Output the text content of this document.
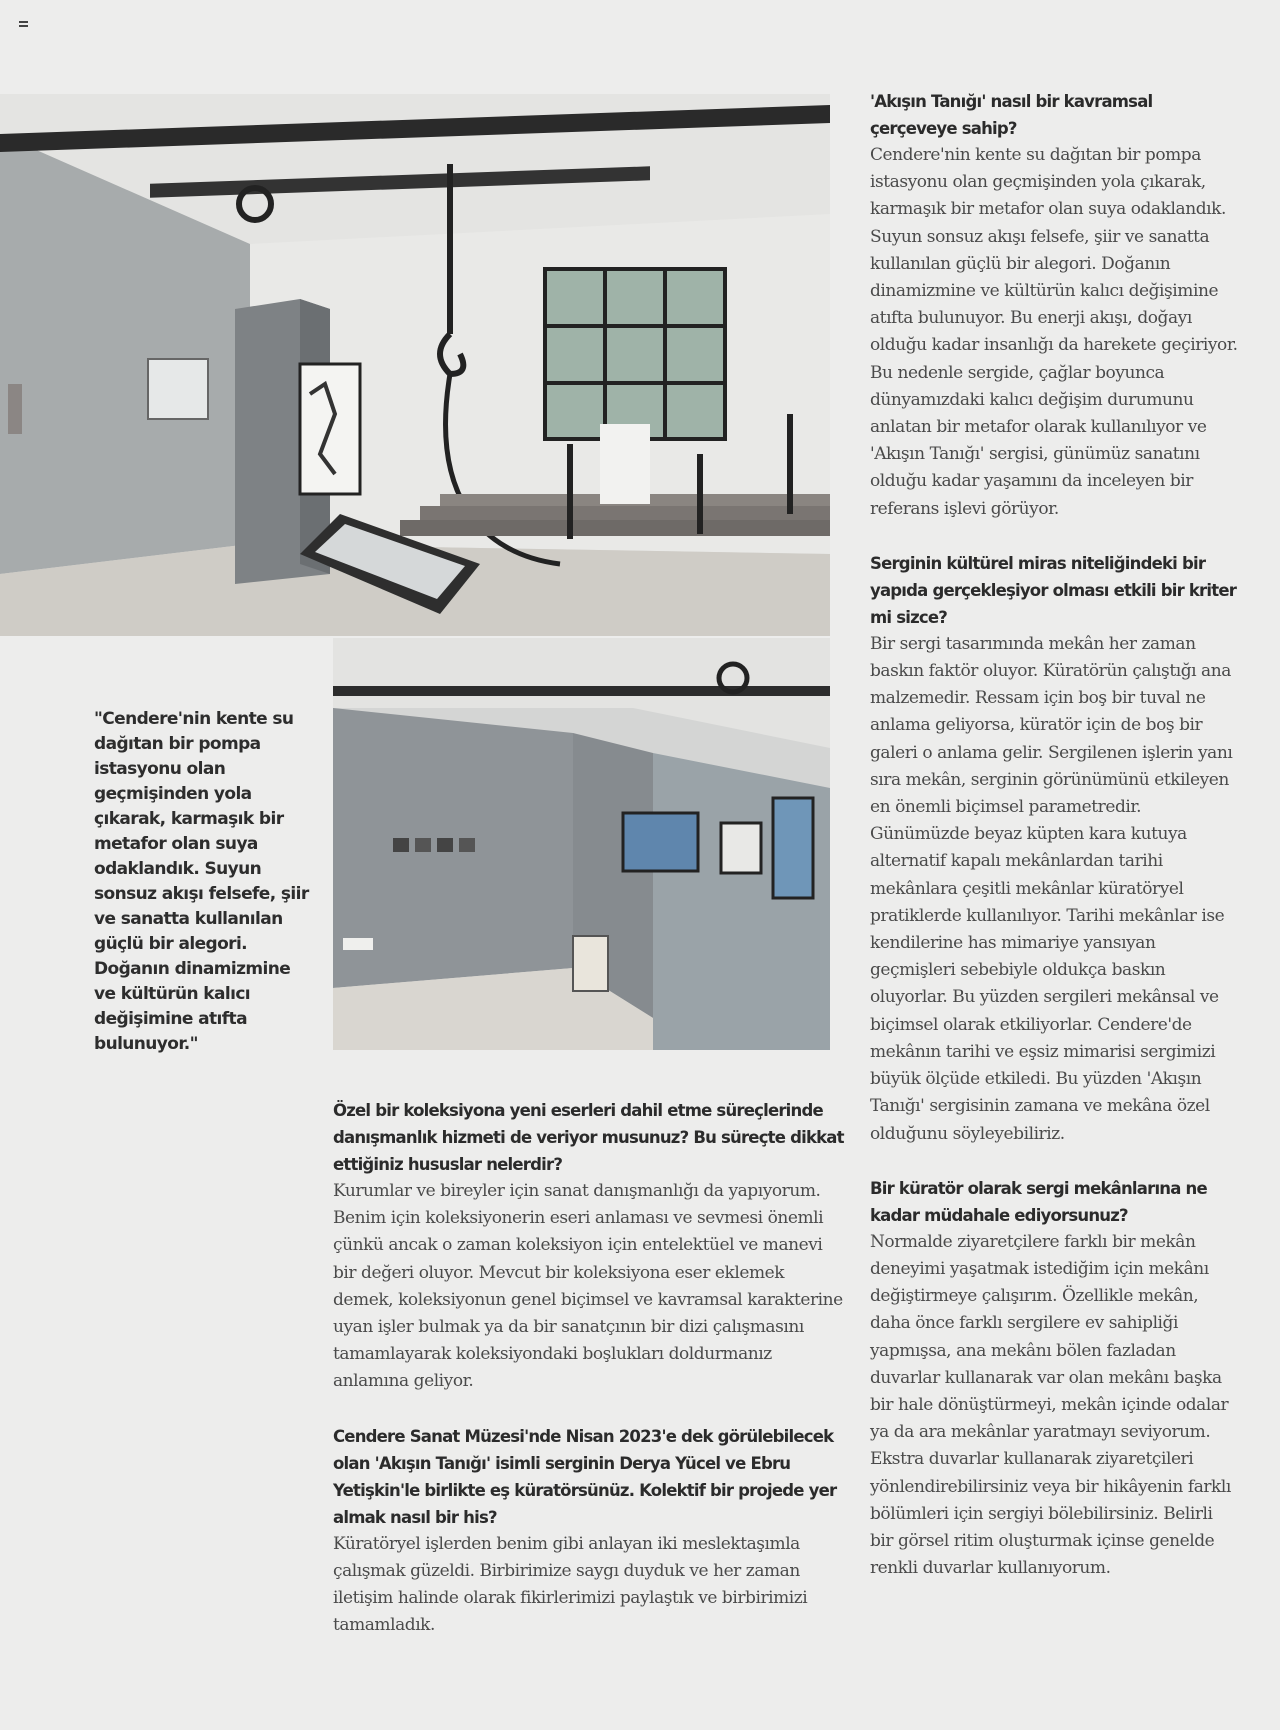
"Cendere'nin kente su dağıtan bir pompa istasyonu olan geçmişinden yola çıkarak, karmaşık bir metafor olan suya odaklandık. Suyun sonsuz akışı felsefe, şiir ve sanatta kullanılan güçlü bir alegori. Doğanın dinamizmine ve kültürün kalıcı değişimine atıfta bulunuyor."

Özel bir koleksiyona yeni eserleri dahil etme süreçlerinde danışmanlık hizmeti de veriyor musunuz? Bu süreçte dikkat ettiğiniz hususlar nelerdir?

Kurumlar ve bireyler için sanat danışmanlığı da yapıyorum. Benim için koleksiyonerin eseri anlaması ve sevmesi önemli çünkü ancak o zaman koleksiyon için entelektüel ve manevi bir değeri oluyor. Mevcut bir koleksiyona eser eklemek demek, koleksiyonun genel biçimsel ve kavramsal karakterine uyan işler bulmak ya da bir sanatçının bir dizi çalışmasını tamamlayarak koleksiyondaki boşlukları doldurmanız anlamına geliyor.

Cendere Sanat Müzesi'nde Nisan 2023'e dek görülebilecek olan 'Akışın Tanığı' isimli serginin Derya Yücel ve Ebru Yetişkin'le birlikte eş küratörsünüz. Kolektif bir projede yer almak nasıl bir his?

Küratöryel işlerden benim gibi anlayan iki meslektaşımla çalışmak güzeldi. Birbirimize saygı duyduk ve her zaman iletişim halinde olarak fikirlerimizi paylaştık ve birbirimizi tamamladık.

'Akışın Tanığı' nasıl bir kavramsal çerçeveye sahip?

Cendere'nin kente su dağıtan bir pompa istasyonu olan geçmişinden yola çıkarak, karmaşık bir metafor olan suya odaklandık. Suyun sonsuz akışı felsefe, şiir ve sanatta kullanılan güçlü bir alegori. Doğanın dinamizmine ve kültürün kalıcı değişimine atıfta bulunuyor. Bu enerji akışı, doğayı olduğu kadar insanlığı da harekete geçiriyor. Bu nedenle sergide, çağlar boyunca dünyamızdaki kalıcı değişim durumunu anlatan bir metafor olarak kullanılıyor ve 'Akışın Tanığı' sergisi, günümüz sanatını olduğu kadar yaşamını da inceleyen bir referans işlevi görüyor.

Serginin kültürel miras niteliğindeki bir yapıda gerçekleşiyor olması etkili bir kriter mi sizce?

Bir sergi tasarımında mekân her zaman baskın faktör oluyor. Küratörün çalıştığı ana malzemedir. Ressam için boş bir tuval ne anlama geliyorsa, küratör için de boş bir galeri o anlama gelir. Sergilenen işlerin yanı sıra mekân, serginin görünümünü etkileyen en önemli biçimsel parametredir. Günümüzde beyaz küpten kara kutuya alternatif kapalı mekânlardan tarihi mekânlara çeşitli mekânlar küratöryel pratiklerde kullanılıyor. Tarihi mekânlar ise kendilerine has mimariye yansıyan geçmişleri sebebiyle oldukça baskın oluyorlar. Bu yüzden sergileri mekânsal ve biçimsel olarak etkiliyorlar. Cendere'de mekânın tarihi ve eşsiz mimarisi sergimizi büyük ölçüde etkiledi. Bu yüzden 'Akışın Tanığı' sergisinin zamana ve mekâna özel olduğunu söyleyebiliriz.

Bir küratör olarak sergi mekânlarına ne kadar müdahale ediyorsunuz?

Normalde ziyaretçilere farklı bir mekân deneyimi yaşatmak istediğim için mekânı değiştirmeye çalışırım. Özellikle mekân, daha önce farklı sergilere ev sahipliği yapmışsa, ana mekânı bölen fazladan duvarlar kullanarak var olan mekânı başka bir hale dönüştürmeyi, mekân içinde odalar ya da ara mekânlar yaratmayı seviyorum. Ekstra duvarlar kullanarak ziyaretçileri yönlendirebilirsiniz veya bir hikâyenin farklı bölümleri için sergiyi bölebilirsiniz. Belirli bir görsel ritim oluşturmak içinse genelde renkli duvarlar kullanıyorum.
